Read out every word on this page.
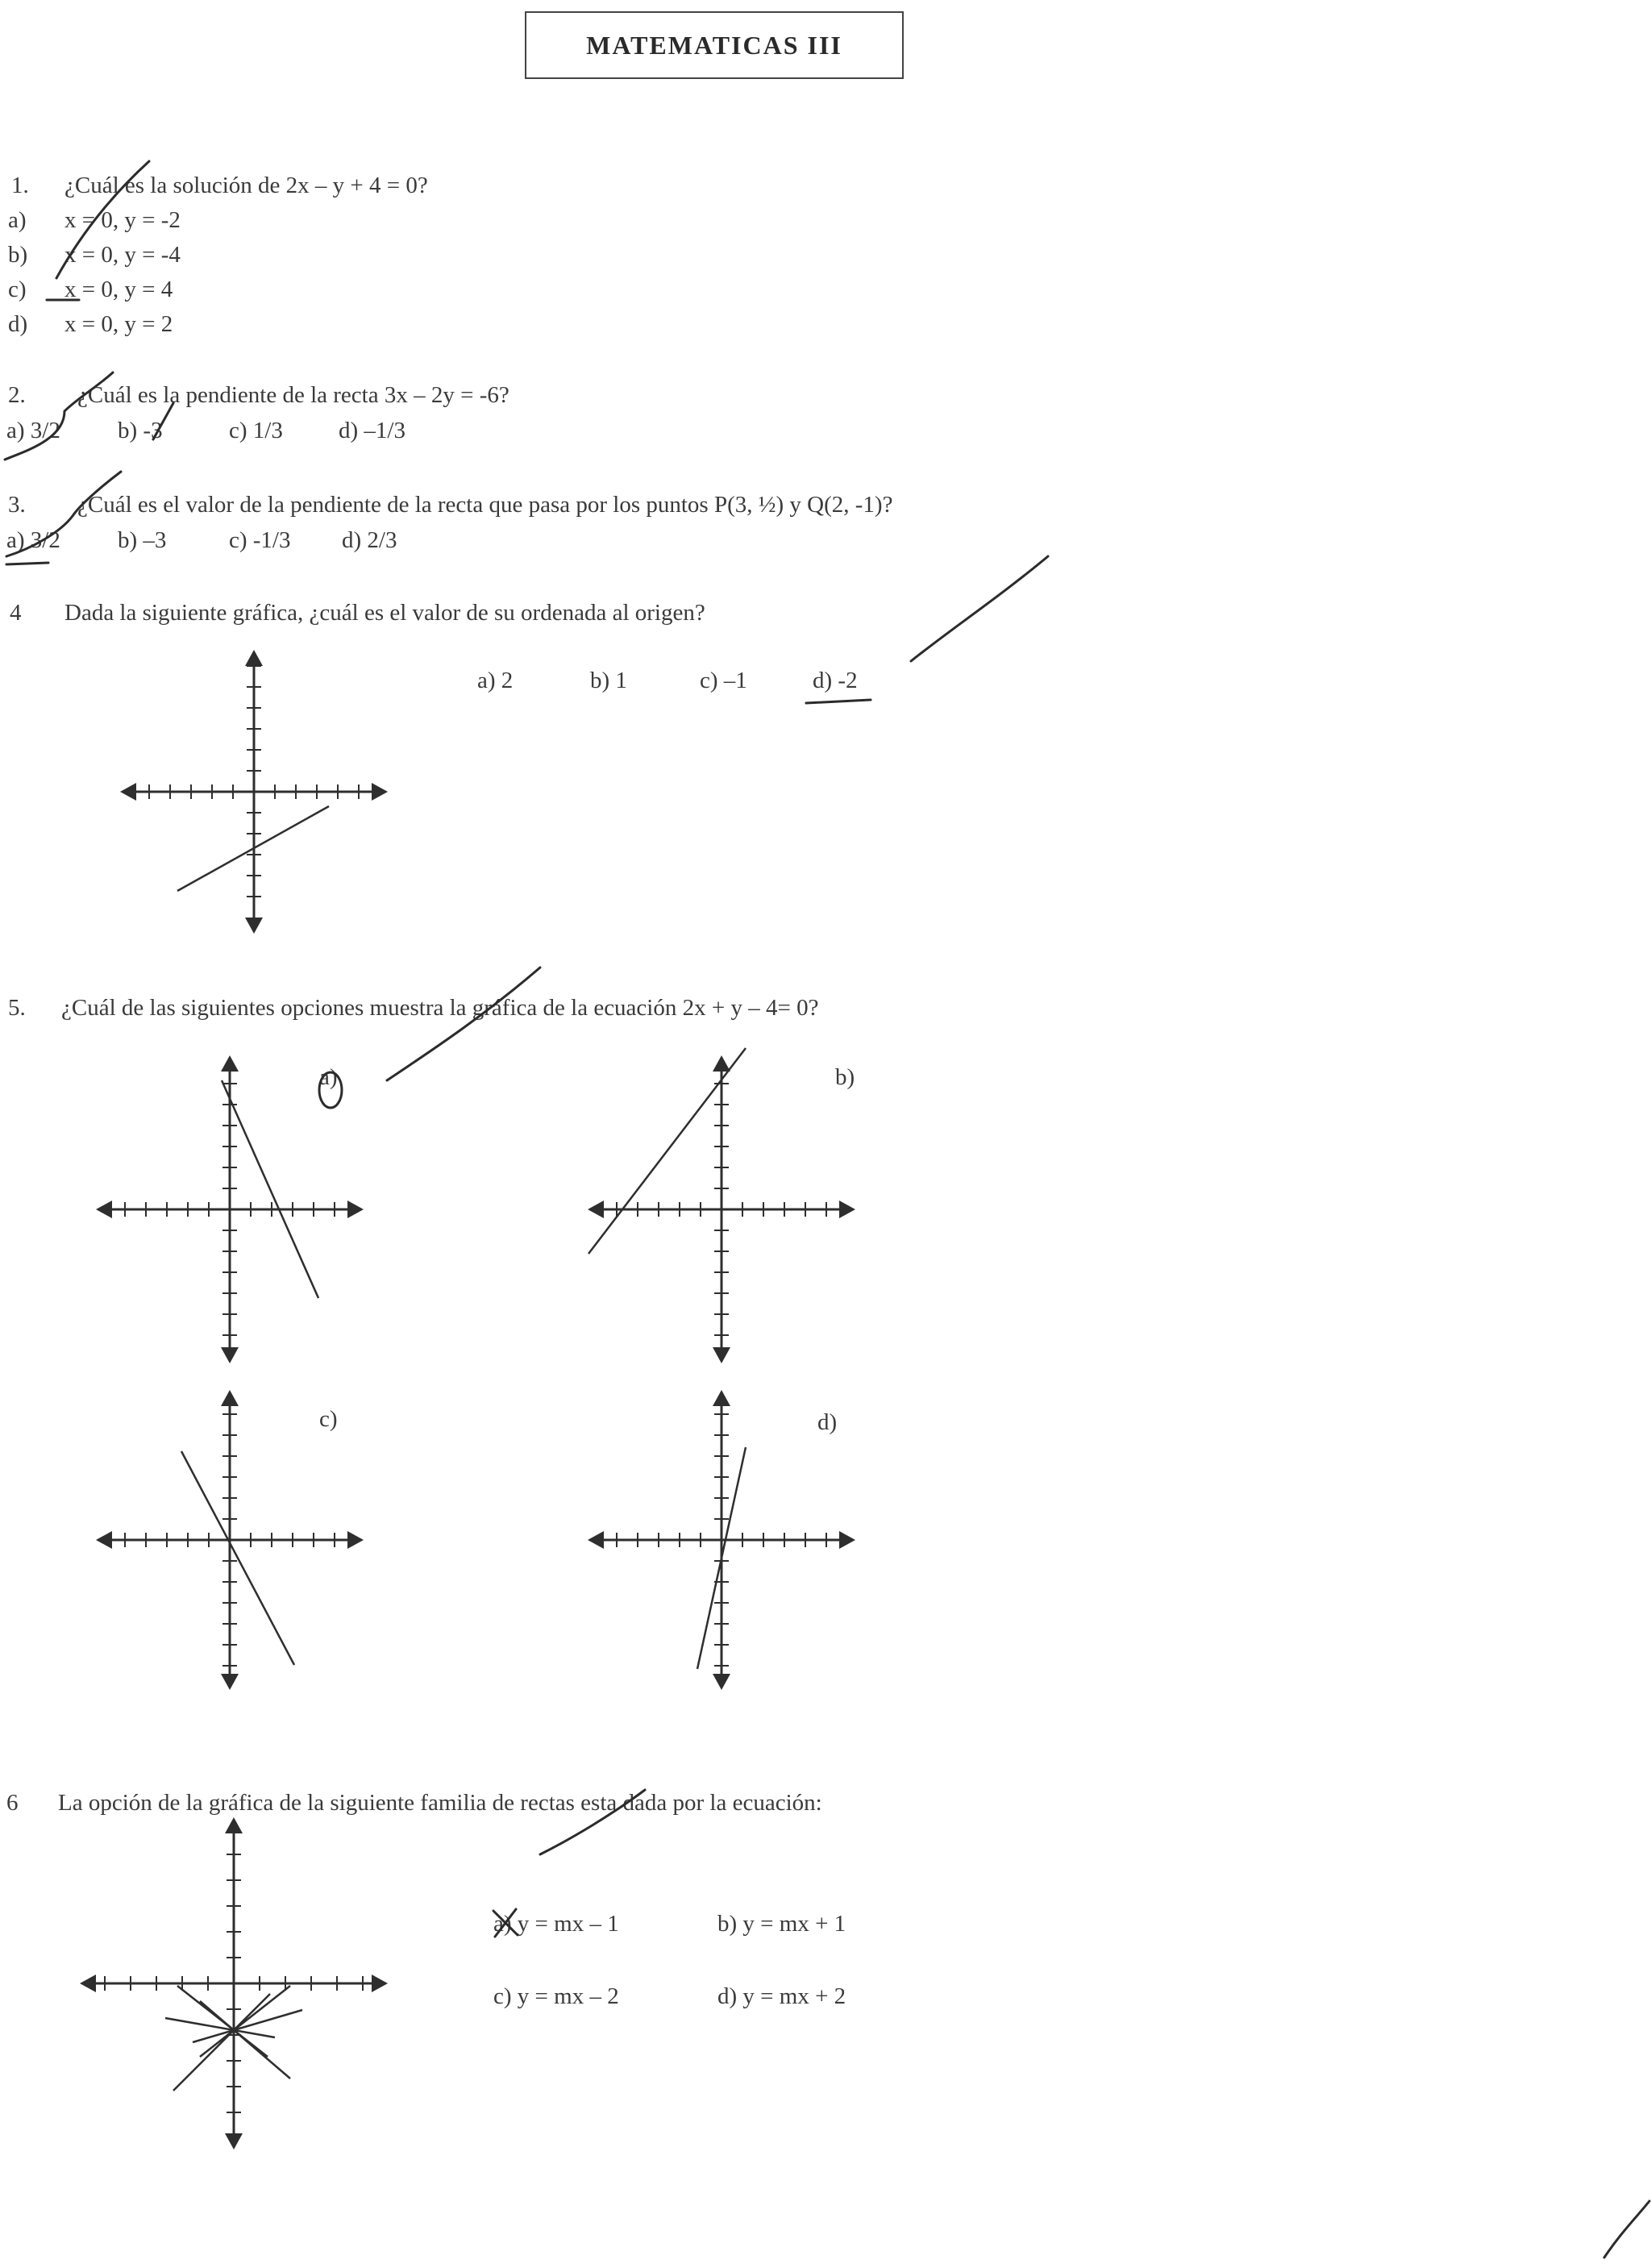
MATEMATICAS III
1. ¿Cuál es la solución de 2x – y + 4 = 0?
a) x = 0, y = -2
b) x = 0, y = -4
c) x = 0, y = 4
d) x = 0, y = 2
2. ¿Cuál es la pendiente de la recta 3x – 2y = -6?
a) 3/2 b) -3	c) 1/3 d) –1/3
3. ¿Cuál es el valor de la pendiente de la recta que pasa por los puntos P(3, ½) y Q(2, -1)?
a) 3/2 b) –3	c) -1/3 d) 2/3
4 Dada la siguiente gráfica, ¿cuál es el valor de su ordenada al origen?
a) 2	b) 1	c) –1	d) -2
5. ¿Cuál de las siguientes opciones muestra la gráfica de la ecuación 2x + y – 4= 0?
a)	b)
c)	d)
6 La opción de la gráfica de la siguiente familia de rectas esta dada por la ecuación:
a) y = mx – 1	b) y = mx + 1
c) y = mx – 2	d) y = mx + 2
